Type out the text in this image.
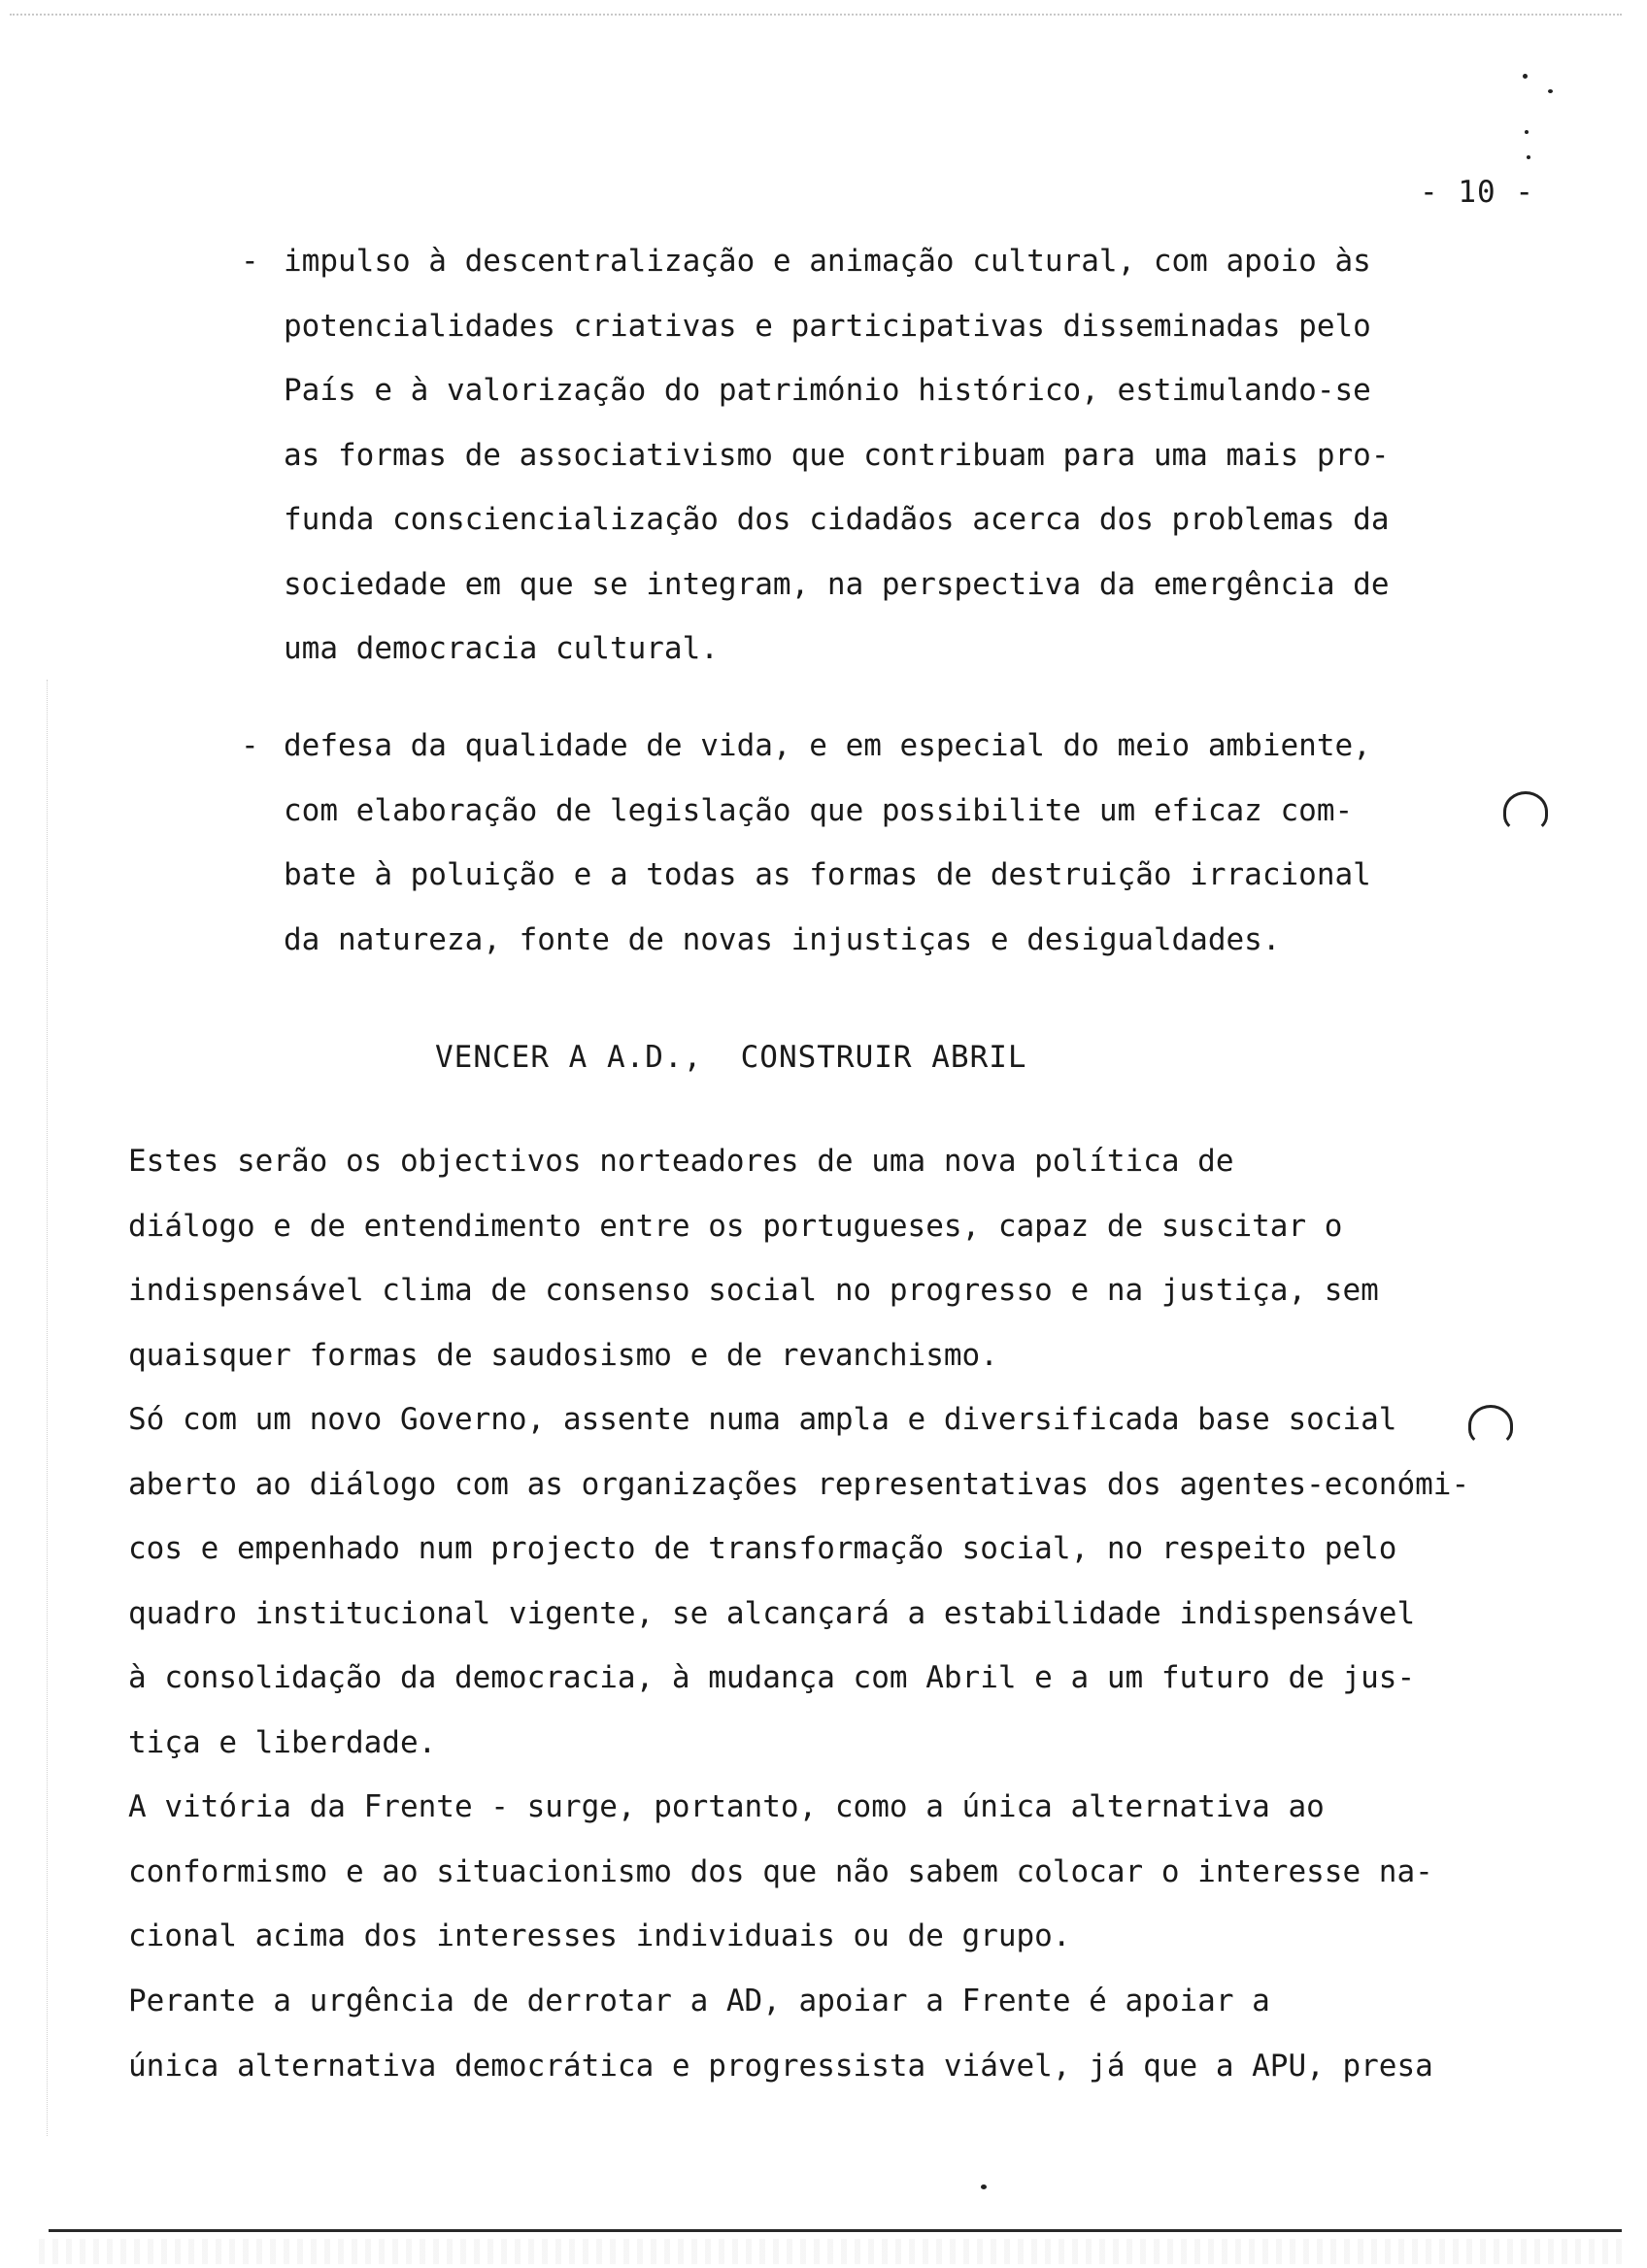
- 10 -
- impulso à descentralização e animação cultural, com apoio às
potencialidades criativas e participativas disseminadas pelo
País e à valorização do património histórico, estimulando-se
as formas de associativismo que contribuam para uma mais pro-
funda consciencialização dos cidadãos acerca dos problemas da
sociedade em que se integram, na perspectiva da emergência de
uma democracia cultural.
- defesa da qualidade de vida, e em especial do meio ambiente,
com elaboração de legislação que possibilite um eficaz com-
bate à poluição e a todas as formas de destruição irracional
da natureza, fonte de novas injustiças e desigualdades.
VENCER A A.D.,  CONSTRUIR ABRIL
Estes serão os objectivos norteadores de uma nova política de
diálogo e de entendimento entre os portugueses, capaz de suscitar o
indispensável clima de consenso social no progresso e na justiça, sem
quaisquer formas de saudosismo e de revanchismo.
Só com um novo Governo, assente numa ampla e diversificada base social
aberto ao diálogo com as organizações representativas dos agentes-económi-
cos e empenhado num projecto de transformação social, no respeito pelo
quadro institucional vigente, se alcançará a estabilidade indispensável
à consolidação da democracia, à mudança com Abril e a um futuro de jus-
tiça e liberdade.
A vitória da Frente - surge, portanto, como a única alternativa ao
conformismo e ao situacionismo dos que não sabem colocar o interesse na-
cional acima dos interesses individuais ou de grupo.
Perante a urgência de derrotar a AD, apoiar a Frente é apoiar a
única alternativa democrática e progressista viável, já que a APU, presa
